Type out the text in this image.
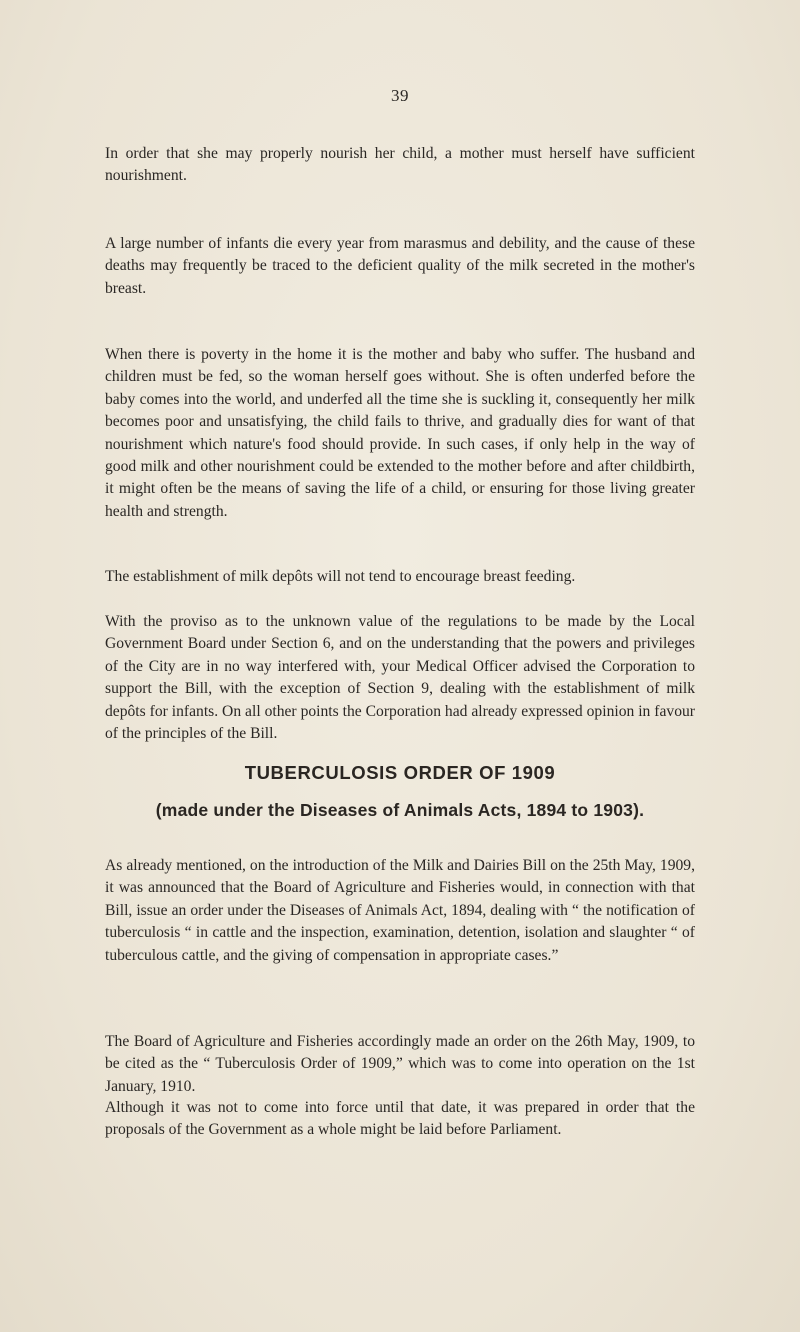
39

In order that she may properly nourish her child, a mother must herself have sufficient nourishment.

A large number of infants die every year from marasmus and debility, and the cause of these deaths may frequently be traced to the deficient quality of the milk secreted in the mother's breast.

When there is poverty in the home it is the mother and baby who suffer. The husband and children must be fed, so the woman herself goes without. She is often underfed before the baby comes into the world, and underfed all the time she is suckling it, consequently her milk becomes poor and unsatisfying, the child fails to thrive, and gradually dies for want of that nourishment which nature's food should provide. In such cases, if only help in the way of good milk and other nourishment could be extended to the mother before and after childbirth, it might often be the means of saving the life of a child, or ensuring for those living greater health and strength.

The establishment of milk depôts will not tend to encourage breast feeding.

With the proviso as to the unknown value of the regulations to be made by the Local Government Board under Section 6, and on the understanding that the powers and privileges of the City are in no way interfered with, your Medical Officer advised the Corporation to support the Bill, with the exception of Section 9, dealing with the establishment of milk depôts for infants. On all other points the Corporation had already expressed opinion in favour of the principles of the Bill.

TUBERCULOSIS ORDER OF 1909
(made under the Diseases of Animals Acts, 1894 to 1903).

As already mentioned, on the introduction of the Milk and Dairies Bill on the 25th May, 1909, it was announced that the Board of Agriculture and Fisheries would, in connection with that Bill, issue an order under the Diseases of Animals Act, 1894, dealing with “ the notification of tuberculosis “ in cattle and the inspection, examination, detention, isolation and slaughter “ of tuberculous cattle, and the giving of compensation in appropriate cases.”

The Board of Agriculture and Fisheries accordingly made an order on the 26th May, 1909, to be cited as the “ Tuberculosis Order of 1909,” which was to come into operation on the 1st January, 1910.

Although it was not to come into force until that date, it was prepared in order that the proposals of the Government as a whole might be laid before Parliament.
